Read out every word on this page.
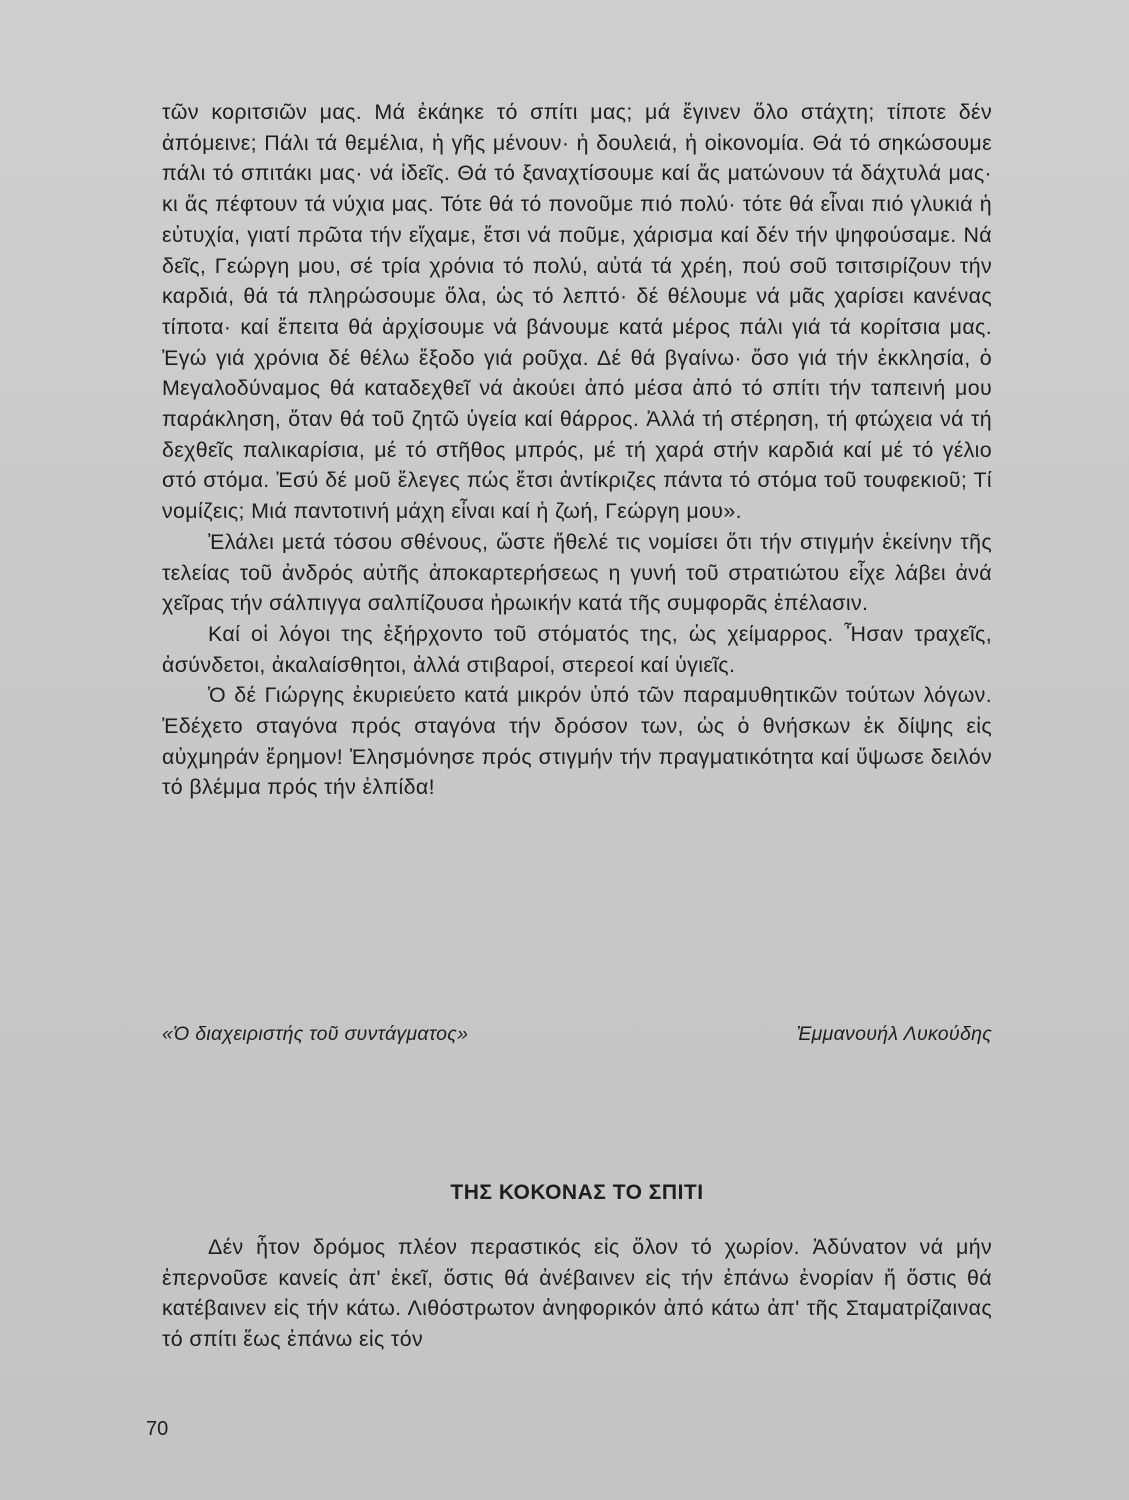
τῶν κοριτσιῶν μας. Μά ἐκάηκε τό σπίτι μας; μά ἔγινεν ὅλο στάχτη; τίποτε δέν ἀπόμεινε; Πάλι τά θεμέλια, ἡ γῆς μένουν· ἡ δουλειά, ἡ οἰκονομία. Θά τό σηκώσουμε πάλι τό σπιτάκι μας· νά ἰδεῖς. Θά τό ξαναχτίσουμε καί ἄς ματώνουν τά δάχτυλά μας· κι ἄς πέφτουν τά νύχια μας. Τότε θά τό πονοῦμε πιό πολύ· τότε θά εἶναι πιό γλυκιά ἡ εὐτυχία, γιατί πρῶτα τήν εἴχαμε, ἔτσι νά ποῦμε, χάρισμα καί δέν τήν ψηφούσαμε. Νά δεῖς, Γεώργη μου, σέ τρία χρόνια τό πολύ, αὐτά τά χρέη, πού σοῦ τσιτσιρίζουν τήν καρδιά, θά τά πληρώσουμε ὅλα, ὡς τό λεπτό· δέ θέλουμε νά μᾶς χαρίσει κανένας τίποτα· καί ἔπειτα θά ἀρχίσουμε νά βάνουμε κατά μέρος πάλι γιά τά κορίτσια μας. Ἐγώ γιά χρόνια δέ θέλω ἔξοδο γιά ροῦχα. Δέ θά βγαίνω· ὅσο γιά τήν ἐκκλησία, ὁ Μεγαλοδύναμος θά καταδεχθεῖ νά ἀκούει ἀπό μέσα ἀπό τό σπίτι τήν ταπεινή μου παράκληση, ὅταν θά τοῦ ζητῶ ὑγεία καί θάρρος. Ἀλλά τή στέρηση, τή φτώχεια νά τή δεχθεῖς παλικαρίσια, μέ τό στῆθος μπρός, μέ τή χαρά στήν καρδιά καί μέ τό γέλιο στό στόμα. Ἐσύ δέ μοῦ ἔλεγες πώς ἔτσι ἀντίκριζες πάντα τό στόμα τοῦ τουφεκιοῦ; Τί νομίζεις; Μιά παντοτινή μάχη εἶναι καί ἡ ζωή, Γεώργη μου».

Ἐλάλει μετά τόσου σθένους, ὥστε ἤθελέ τις νομίσει ὅτι τήν στιγμήν ἐκείνην τῆς τελείας τοῦ ἀνδρός αὐτῆς ἀποκαρτερήσεως η γυνή τοῦ στρατιώτου εἶχε λάβει ἀνά χεῖρας τήν σάλπιγγα σαλπίζουσα ἡρωικήν κατά τῆς συμφορᾶς ἐπέλασιν.

Καί οἱ λόγοι της ἐξήρχοντο τοῦ στόματός της, ὡς χείμαρρος. Ἦσαν τραχεῖς, ἀσύνδετοι, ἀκαλαίσθητοι, ἀλλά στιβαροί, στερεοί καί ὑγιεῖς.

Ὁ δέ Γιώργης ἐκυριεύετο κατά μικρόν ὑπό τῶν παραμυθητικῶν τούτων λόγων. Ἐδέχετο σταγόνα πρός σταγόνα τήν δρόσον των, ὡς ὁ θνήσκων ἐκ δίψης εἰς αὐχμηράν ἔρημον! Ἐλησμόνησε πρός στιγμήν τήν πραγματικότητα καί ὕψωσε δειλόν τό βλέμμα πρός τήν ἐλπίδα!

«Ὁ διαχειριστής τοῦ συντάγματος»	Ἐμμανουήλ Λυκούδης
ΤΗΣ ΚΟΚΟΝΑΣ ΤΟ ΣΠΙΤΙ

Δέν ἦτον δρόμος πλέον περαστικός εἰς ὅλον τό χωρίον. Ἀδύνατον νά μήν ἐπερνοῦσε κανείς ἀπ' ἐκεῖ, ὅστις θά ἀνέβαινεν εἰς τήν ἐπάνω ἐνορίαν ἤ ὅστις θά κατέβαινεν εἰς τήν κάτω. Λιθόστρωτον ἀνηφορικόν ἀπό κάτω ἀπ' τῆς Σταματρίζαινας τό σπίτι ἕως ἐπάνω εἰς τόν

70
